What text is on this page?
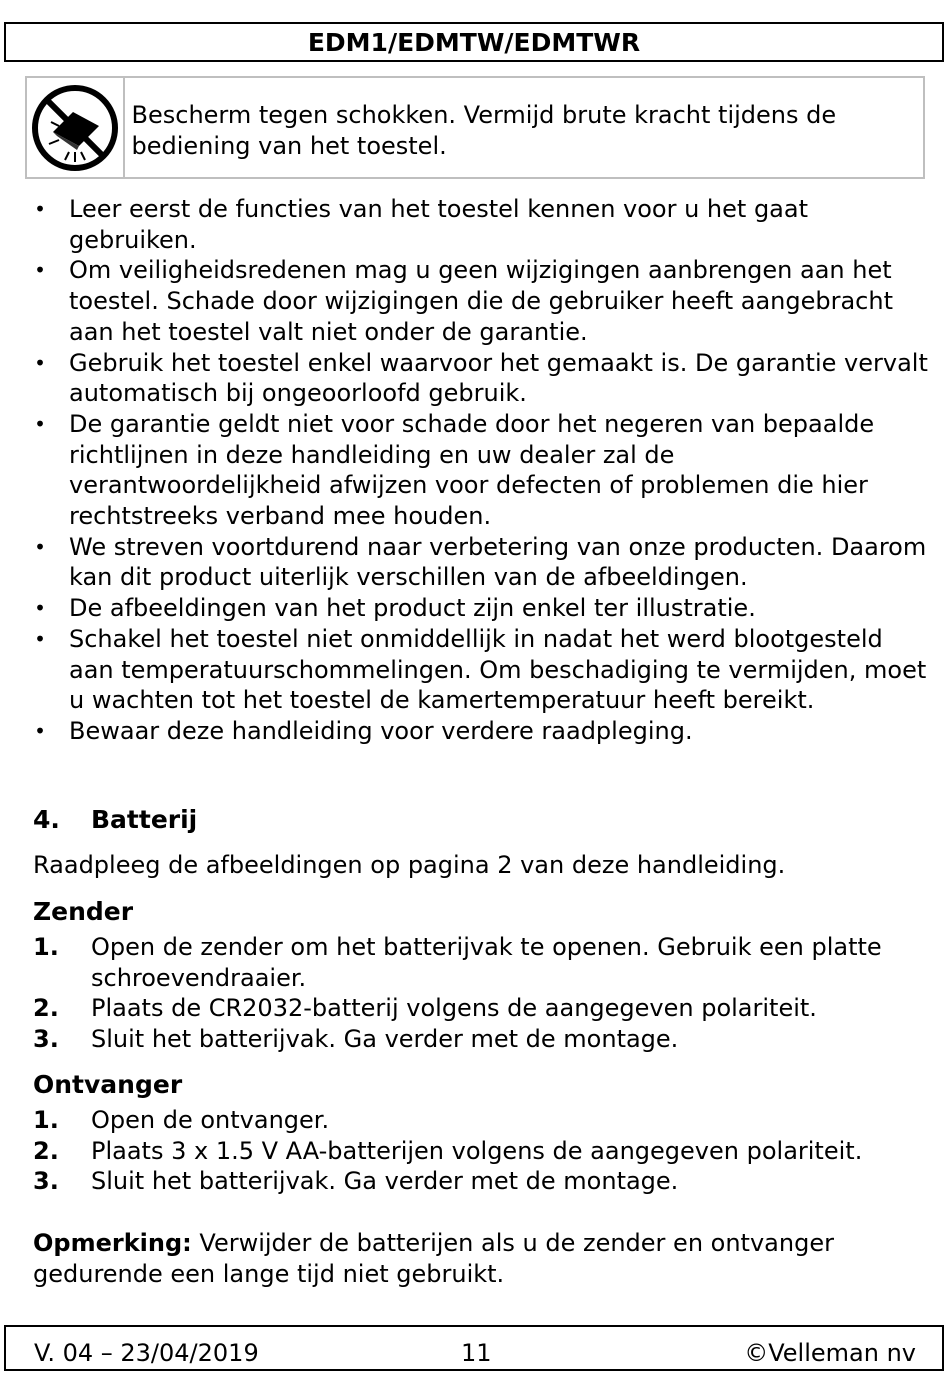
EDM1/EDMTW/EDMTWR
Bescherm tegen schokken. Vermijd brute kracht tijdens de bediening van het toestel.
• Leer eerst de functies van het toestel kennen voor u het gaat gebruiken.
• Om veiligheidsredenen mag u geen wijzigingen aanbrengen aan het toestel. Schade door wijzigingen die de gebruiker heeft aangebracht aan het toestel valt niet onder de garantie.
• Gebruik het toestel enkel waarvoor het gemaakt is. De garantie vervalt automatisch bij ongeoorloofd gebruik.
• De garantie geldt niet voor schade door het negeren van bepaalde richtlijnen in deze handleiding en uw dealer zal de verantwoordelijkheid afwijzen voor defecten of problemen die hier rechtstreeks verband mee houden.
• We streven voortdurend naar verbetering van onze producten. Daarom kan dit product uiterlijk verschillen van de afbeeldingen.
• De afbeeldingen van het product zijn enkel ter illustratie.
• Schakel het toestel niet onmiddellijk in nadat het werd blootgesteld aan temperatuurschommelingen. Om beschadiging te vermijden, moet u wachten tot het toestel de kamertemperatuur heeft bereikt.
• Bewaar deze handleiding voor verdere raadpleging.
4. Batterij
Raadpleeg de afbeeldingen op pagina 2 van deze handleiding.
Zender
1. Open de zender om het batterijvak te openen. Gebruik een platte schroevendraaier.
2. Plaats de CR2032-batterij volgens de aangegeven polariteit.
3. Sluit het batterijvak. Ga verder met de montage.
Ontvanger
1. Open de ontvanger.
2. Plaats 3 x 1.5 V AA-batterijen volgens de aangegeven polariteit.
3. Sluit het batterijvak. Ga verder met de montage.
Opmerking: Verwijder de batterijen als u de zender en ontvanger gedurende een lange tijd niet gebruikt.
V. 04 – 23/04/2019	11	©Velleman nv
